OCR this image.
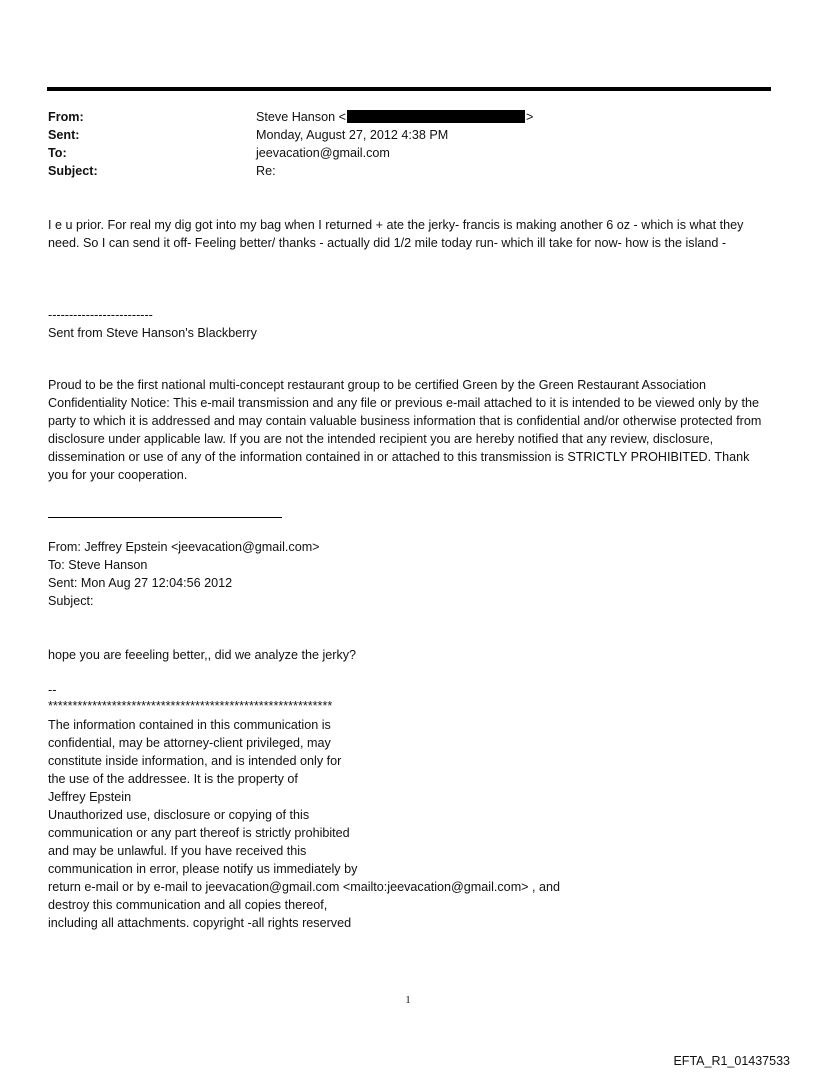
From:	Steve Hanson <	>
Sent:	Monday, August 27, 2012 4:38 PM
To:	jeevacation@gmail.com
Subject:	Re:

I e u prior. For real my dig got into my bag when I returned + ate the jerky- francis is making another 6 oz - which is what they need. So I can send it off- Feeling better/ thanks - actually did 1/2 mile today run- which ill take for now- how is the island -

-------------------------

Sent from Steve Hanson's Blackberry

Proud to be the first national multi-concept restaurant group to be certified Green by the Green Restaurant Association Confidentiality Notice: This e-mail transmission and any file or previous e-mail attached to it is intended to be viewed only by the party to which it is addressed and may contain valuable business information that is confidential and/or otherwise protected from disclosure under applicable law. If you are not the intended recipient you are hereby notified that any review, disclosure, dissemination or use of any of the information contained in or attached to this transmission is STRICTLY PROHIBITED. Thank you for your cooperation.

From: Jeffrey Epstein <jeevacation@gmail.com>
To: Steve Hanson
Sent: Mon Aug 27 12:04:56 2012
Subject:

hope you are feeeling better,, did we analyze the jerky?

--

**********************************************************

The information contained in this communication is
confidential, may be attorney-client privileged, may
constitute inside information, and is intended only for
the use of the addressee. It is the property of
Jeffrey Epstein
Unauthorized use, disclosure or copying of this
communication or any part thereof is strictly prohibited
and may be unlawful. If you have received this
communication in error, please notify us immediately by
return e-mail or by e-mail to jeevacation@gmail.com <mailto:jeevacation@gmail.com> , and
destroy this communication and all copies thereof,
including all attachments. copyright -all rights reserved
1
EFTA_R1_01437533
